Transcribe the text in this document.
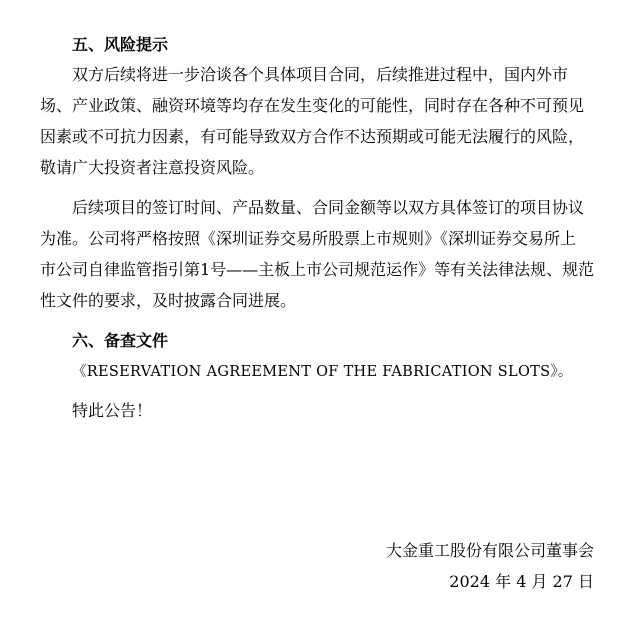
五、风险提示
双方后续将进一步洽谈各个具体项目合同，后续推进过程中，国内外市
场、产业政策、融资环境等均存在发生变化的可能性，同时存在各种不可预见
因素或不可抗力因素，有可能导致双方合作不达预期或可能无法履行的风险，
敬请广大投资者注意投资风险。
后续项目的签订时间、产品数量、合同金额等以双方具体签订的项目协议
为准。公司将严格按照《深圳证券交易所股票上市规则》《深圳证券交易所上
市公司自律监管指引第1号——主板上市公司规范运作》等有关法律法规、规范
性文件的要求，及时披露合同进展。
六、备查文件
《RESERVATION AGREEMENT OF THE FABRICATION SLOTS》。
特此公告！
大金重工股份有限公司董事会
2024 年 4 月 27 日
